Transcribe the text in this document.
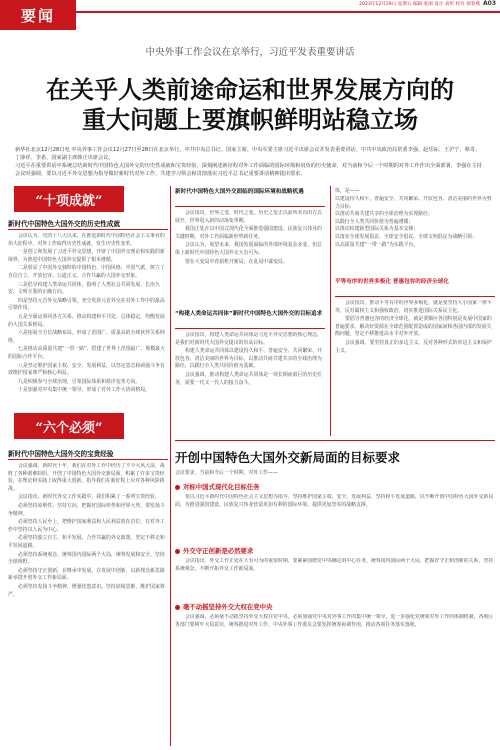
要闻
2023年12月29日 星期五 编辑 张丽 设计 高昕 校对 郝春燕 A03
中央外事工作会议在京举行，习近平发表重要讲话
在关乎人类前途命运和世界发展方向的
重大问题上要旗帜鲜明站稳立场

新华社北京12月28日电 中央外事工作会议12月27日至28日在北京举行。中共中央总书记、国家主席、中央军委主席习近平出席会议并发表重要讲话。中共中央政治局常委李强、赵乐际、王沪宁、蔡奇、丁薛祥、李希、国家副主席韩正出席会议。

习近平在重要讲话中系统总结新时代中国特色大国外交的历史性成就和宝贵经验，深刻阐述新征程对外工作面临的国际环境和肩负的历史使命，对当前和今后一个时期的对外工作作出全面部署，李强在主持会议时强调，要以习近平外交思想为指导做好新时代对外工作，共建学习领会和贯彻落实习近平总书记重要讲话精神提出要求。

“十项成就”
新时代中国特色大国外交的历史性成就

会议认为，党的十八大以来，在推进新时代中国特色社会主义事业的伟大征程中，对外工作取得历史性成就，发生历史性变革。

一是创立和发展了习近平外交思想，开辟了中国外交理论和实践的新境界，为推进中国特色大国外交提供了根本遵循。

二是彰显了中国外交独特的中国特色、中国风格、中国气派，树立了自信自立、开放包容、公道正义、合作共赢的大国外交形象。

三是倡导构建人类命运共同体，指明了人类社会共同发展、长治久安、文明互鉴的正确方向。

四是坚持元首外交战略引领，充分发挥元首外交在对外工作中的最高引领作用。

五是全面运筹同各方关系，推动构建和平共处、总体稳定、均衡发展的大国关系格局。

六是拓展全方位战略布局，形成了范围广、质量高的全球伙伴关系网络。

七是推动高质量共建“一带一路”，搭建了世界上范围最广、规模最大的国际合作平台。

八是坚定维护国家主权、安全、发展利益，以坚定意志和顽强斗争有效维护国家尊严和核心利益。

九是积极参与全球治理，引领国际体系和秩序变革方向。

十是加强党中央集中统一领导，形成了对外工作大协同格局。

“六个必须”
新时代中国特色大国外交的宝贵经验

会议强调，新时代十年，我们在对外工作中经历了不少大风大浪，战胜了各种艰难险阻，开创了中国特色大国外交新局面，积累了许多宝贵经验，在理论和实践上取得重大创新，指导我们在新征程上应对各种风险挑战。

会议指出，新时代外交工作实践中，我们积累了一系列宝贵经验。

必须坚持原则性、坚持方向，把握好国际形势和世界大势，要发扬斗争精神。

必须坚持人民至上，把维护国家利益和人民利益放在首位，在对外工作中坚持以人民为中心。

必须坚持独立自主、和平发展、合作共赢的外交政策，坚定不移走和平发展道路。

必须坚持系统观念，统筹国内国际两个大局，统筹发展和安全，坚持全球视野。

必须坚持守正创新，在继承中发展、在发展中创新，以新理念新思路新举措开创外交工作新局面。

必须坚持发扬斗争精神，增强忧患意识、坚持底线思维，维护国家尊严。

新时代中国特色大国外交面临的国际环境和战略机遇

会议指出，世界之变、时代之变、历史之变正以前所未有的方式展开，世界进入新的动荡变革期。

我国正处在以中国式现代化全面推进强国建设、民族复兴伟业的关键时期，对外工作面临新形势新任务。

会议认为，展望未来，我国发展面临的外部环境复杂多变，但总体上新时代中国特色大国外交大有可为。

要在大变局中育新机开新局，在乱局中谋变局。

“构建人类命运共同体”新时代中国特色大国外交的目标追求

会议指出，构建人类命运共同体是习近平外交思想的核心理念，是我们对新时代大国外交提出的崇高目标。

构建人类命运共同体以建设持久和平、普遍安全、共同繁荣、开放包容、清洁美丽的世界为目标，以推动共商共建共享的全球治理为路径，以践行全人类共同价值为基础。

会议强调，推动构建人类命运共同体是一项长期而艰巨的历史任务，需要一代又一代人的接力奋斗。

体，是——
以建设持久和平、普遍安全、共同繁荣、开放包容、清洁美丽的世界为努力目标；
以推动共商共建共享的全球治理为实现路径；
以践行全人类共同价值为普遍遵循；
以推动构建新型国际关系为基本支撑；
以落实全球发展倡议、全球安全倡议、全球文明倡议为战略引领；
以高质量共建“一带一路”为实践平台。
平等有序的世界多极化 普惠包容的经济全球化

会议指出，推动平等有序的世界多极化，就是要坚持大小国家一律平等，反对霸权主义和强权政治，切实推进国际关系民主化。

要倡导普惠包容的经济全球化，就是要顺应各国特别是发展中国家的普遍要求，解决好资源在全球范围配置造成的国家间和各国内部的发展失衡问题，坚定不移推进高水平对外开放。

会议强调，要坚持真正的多边主义，反对各种形式的单边主义和保护主义。

开创中国特色大国外交新局面的目标要求
会议要求，当前和今后一个时期，对外工作——
对标中国式现代化目标任务

要以习近平新时代中国特色社会主义思想为指导，坚持维护国家主权、安全、发展利益，坚持和平发展道路，以不断开创中国特色大国外交新局面，为推进强国建设、民族复兴伟业营造更加有利的国际环境、提供更加坚实的战略支撑。

外交守正创新是必然要求

会议指出，外交工作正处在大有可为的重要时期，要紧紧围绕党中央确定的中心任务，统筹国内国际两个大局，把握好守正和创新的关系，坚持系统观念，不断开拓外交工作新局面。

毫不动摇坚持外交大权在党中央

会议强调，必须毫不动摇坚持外交大权在党中央，必须加强党中央对外事工作的集中统一领导，进一步强化党统领对外工作的体制机制，各地区各部门要树牢大局意识，统筹推进对外工作。中央外事工作委员会要发挥统筹协调作用，推动各项任务落实落地。
